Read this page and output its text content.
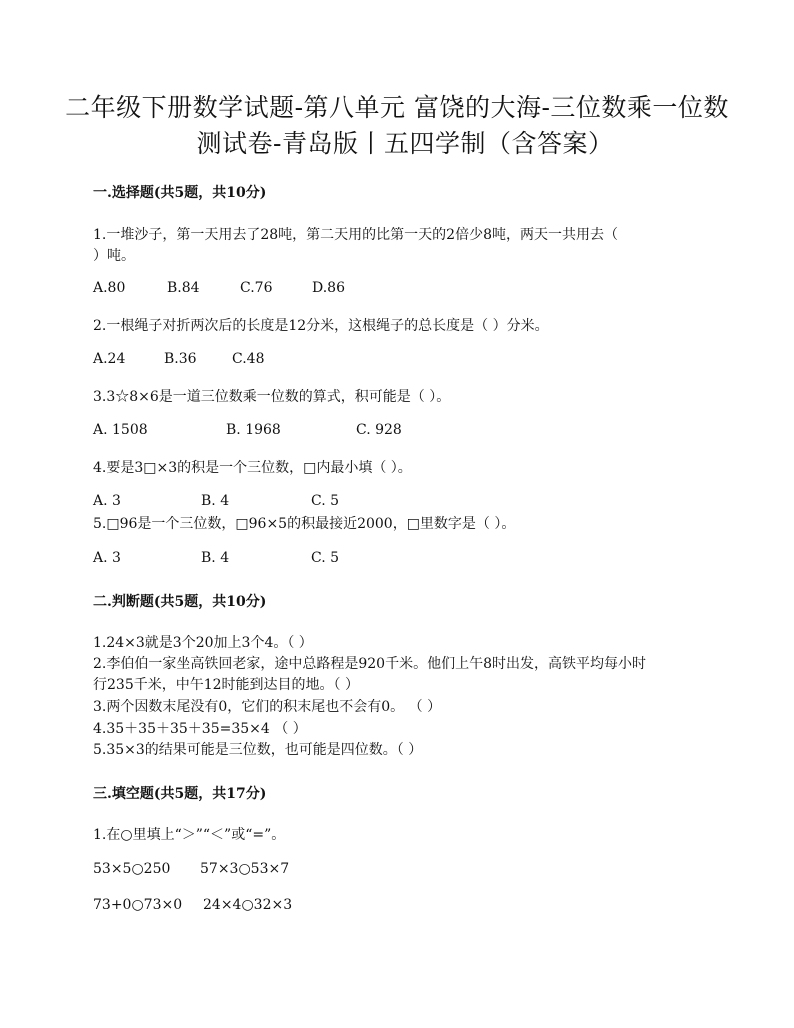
二年级下册数学试题-第八单元 富饶的大海-三位数乘一位数
测试卷-青岛版丨五四学制（含答案）
一.选择题(共5题，共10分)
1.一堆沙子，第一天用去了28吨，第二天用的比第一天的2倍少8吨，两天一共用去（
）吨。
A.80	B.84	C.76	D.86
2.一根绳子对折两次后的长度是12分米，这根绳子的总长度是（ ）分米。
A.24	B.36	C.48
3.3☆8×6是一道三位数乘一位数的算式，积可能是（ ）。
A. 1508	B. 1968	C. 928
4.要是3□×3的积是一个三位数，□内最小填（ ）。
A. 3	B. 4	C. 5
5.□96是一个三位数，□96×5的积最接近2000，□里数字是（ ）。
A. 3	B. 4	C. 5
二.判断题(共5题，共10分)
1.24×3就是3个20加上3个4。（ ）
2.李伯伯一家坐高铁回老家，途中总路程是920千米。他们上午8时出发，高铁平均每小时
行235千米，中午12时能到达目的地。（ ）
3.两个因数末尾没有0，它们的积末尾也不会有0。 （ ）
4.35＋35＋35＋35=35×4 （ ）
5.35×3的结果可能是三位数，也可能是四位数。（ ）
三.填空题(共5题，共17分)
1.在○里填上“＞”“＜”或“=”。
53×5○250 57×3○53×7
73+0○73×0 24×4○32×3
